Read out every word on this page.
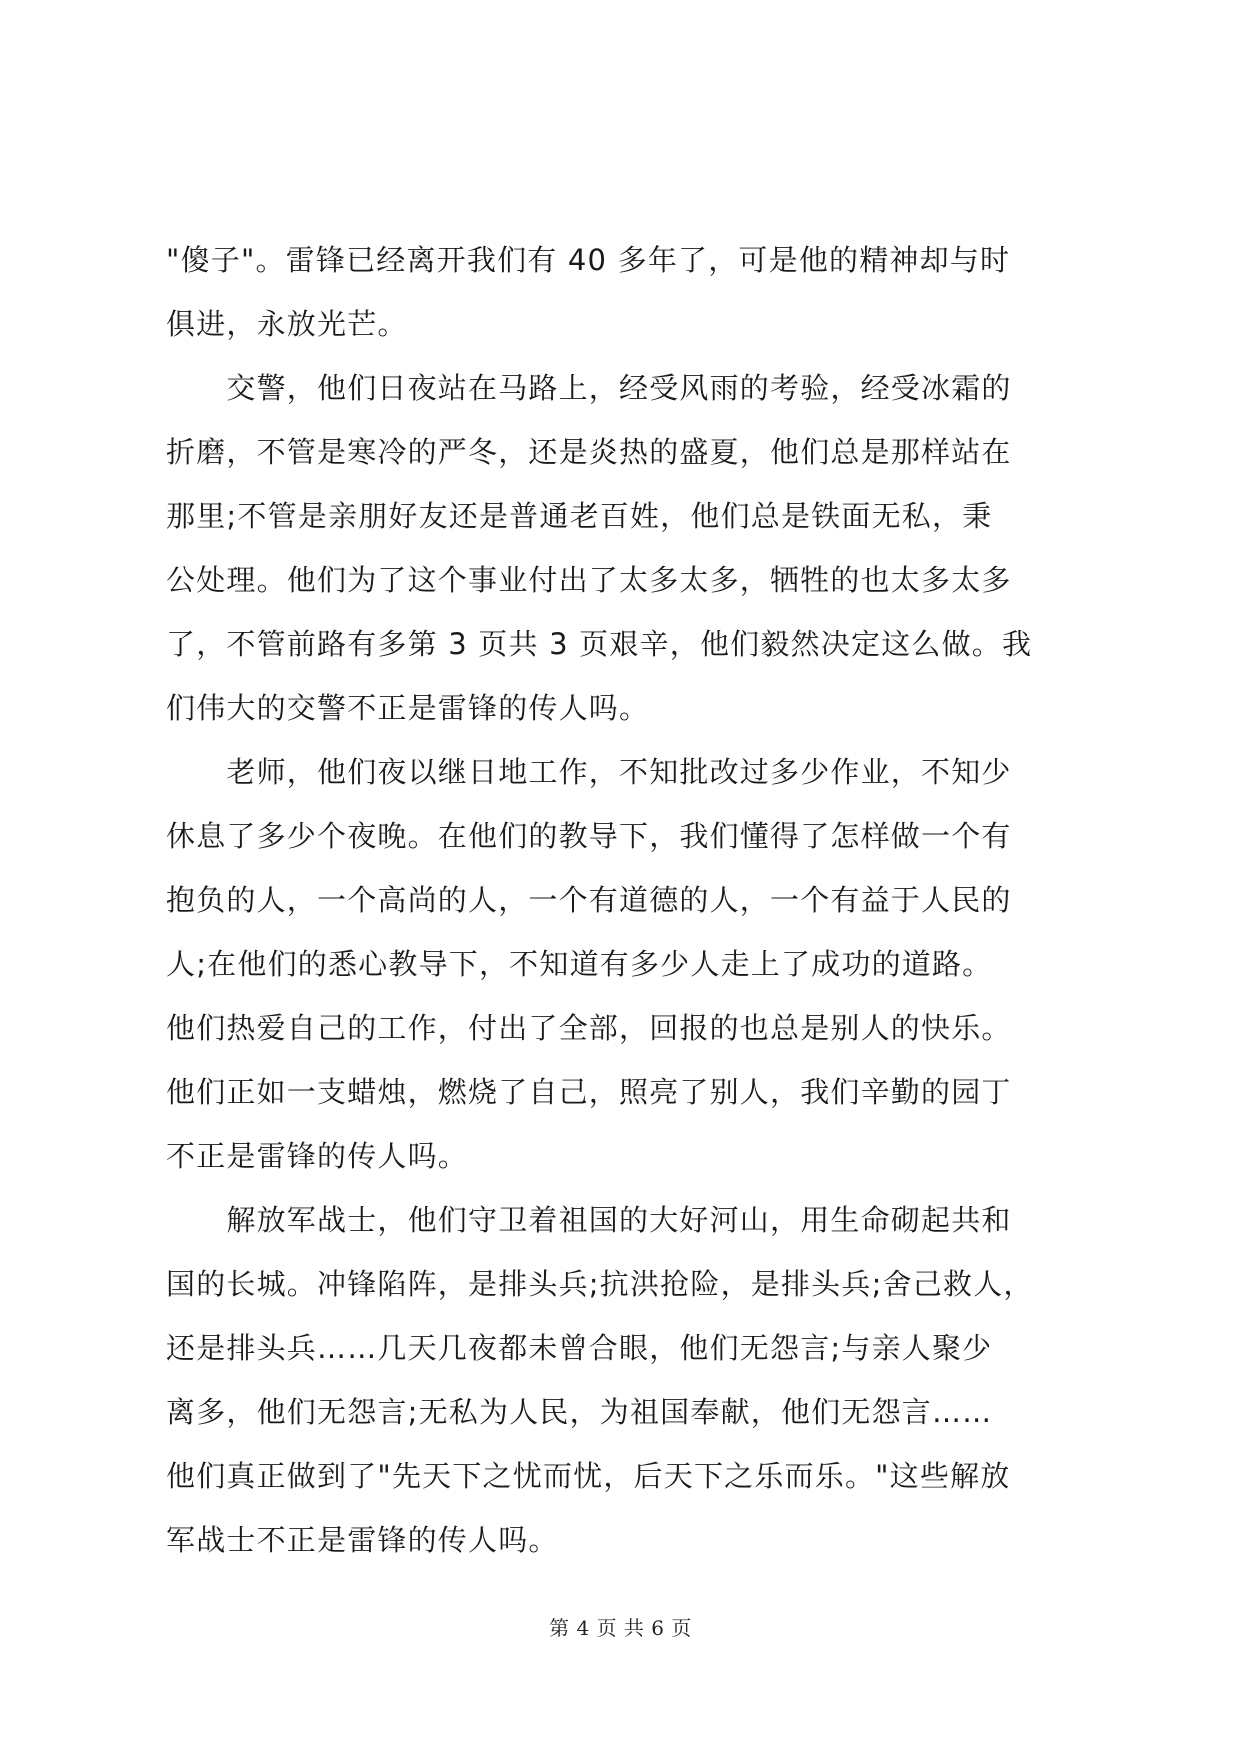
"傻子"。雷锋已经离开我们有 40 多年了，可是他的精神却与时
俱进，永放光芒。
　　交警，他们日夜站在马路上，经受风雨的考验，经受冰霜的
折磨，不管是寒冷的严冬，还是炎热的盛夏，他们总是那样站在
那里;不管是亲朋好友还是普通老百姓，他们总是铁面无私，秉
公处理。他们为了这个事业付出了太多太多，牺牲的也太多太多
了，不管前路有多第 3 页共 3 页艰辛，他们毅然决定这么做。我
们伟大的交警不正是雷锋的传人吗。
　　老师，他们夜以继日地工作，不知批改过多少作业，不知少
休息了多少个夜晚。在他们的教导下，我们懂得了怎样做一个有
抱负的人，一个高尚的人，一个有道德的人，一个有益于人民的
人;在他们的悉心教导下，不知道有多少人走上了成功的道路。
他们热爱自己的工作，付出了全部，回报的也总是别人的快乐。
他们正如一支蜡烛，燃烧了自己，照亮了别人，我们辛勤的园丁
不正是雷锋的传人吗。
　　解放军战士，他们守卫着祖国的大好河山，用生命砌起共和
国的长城。冲锋陷阵，是排头兵;抗洪抢险，是排头兵;舍己救人，
还是排头兵……几天几夜都未曾合眼，他们无怨言;与亲人聚少
离多，他们无怨言;无私为人民，为祖国奉献，他们无怨言……
他们真正做到了"先天下之忧而忧，后天下之乐而乐。"这些解放
军战士不正是雷锋的传人吗。
第 4 页 共 6 页
